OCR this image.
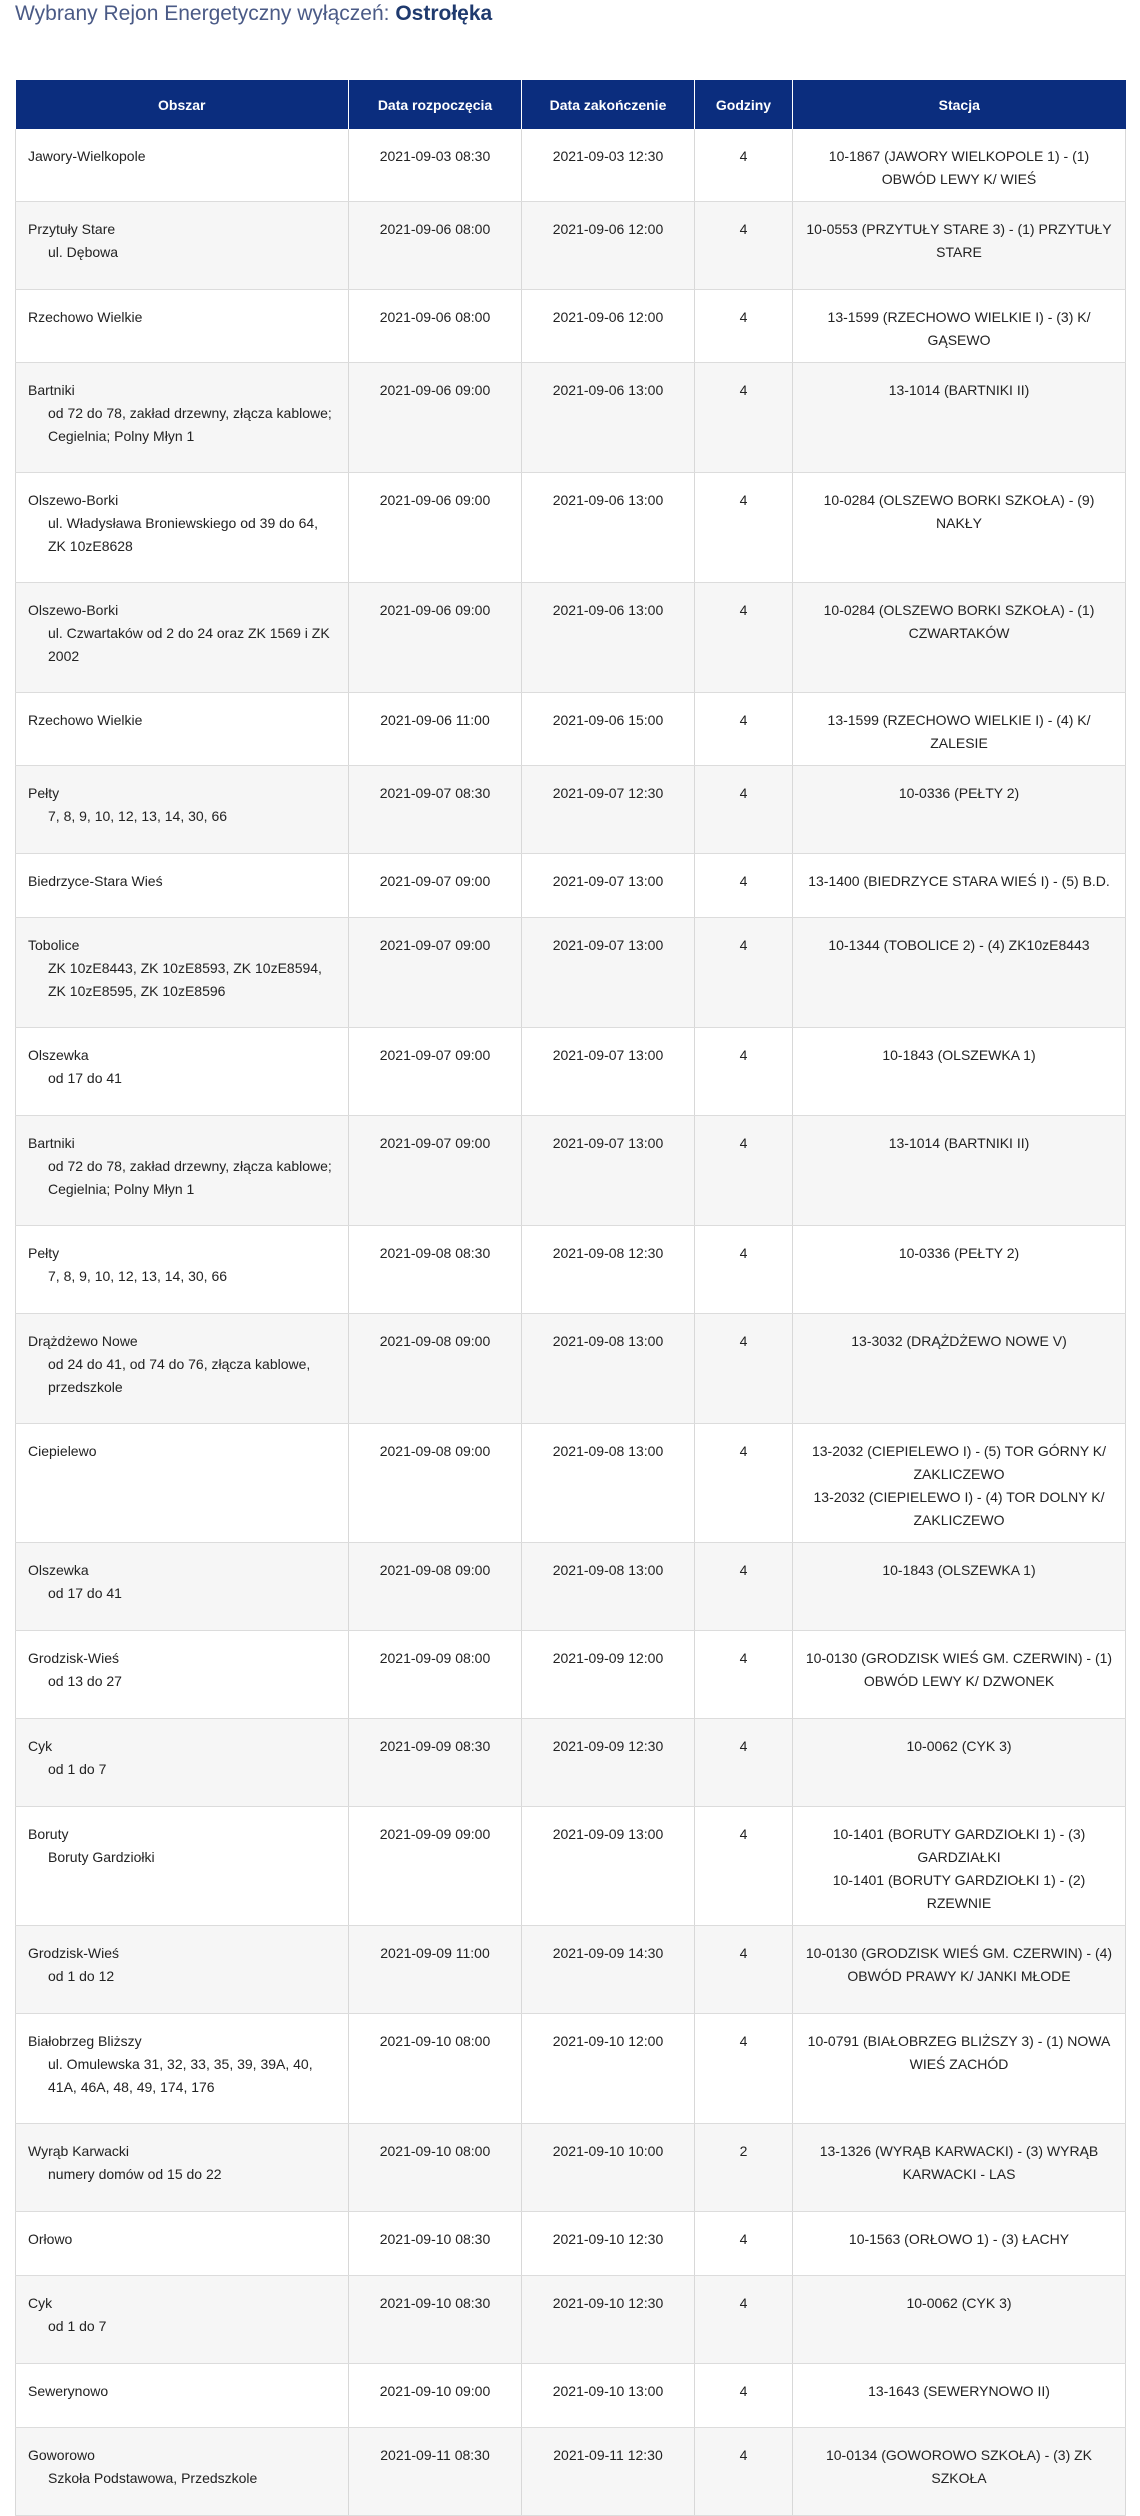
Wybrany Rejon Energetyczny wyłączeń: Ostrołęka
Obszar	Data rozpoczęcia	Data zakończenie	Godziny	Stacja

Jawory-Wielkopole	2021-09-03 08:30	2021-09-03 12:30	4	10-1867 (JAWORY WIELKOPOLE 1) - (1) OBWÓD LEWY K/ WIEŚ

Przytuły Stare
ul. Dębowa	2021-09-06 08:00	2021-09-06 12:00	4	10-0553 (PRZYTUŁY STARE 3) - (1) PRZYTUŁY STARE

Rzechowo Wielkie	2021-09-06 08:00	2021-09-06 12:00	4	13-1599 (RZECHOWO WIELKIE I) - (3) K/ GĄSEWO

Bartniki
od 72 do 78, zakład drzewny, złącza kablowe; Cegielnia; Polny Młyn 1	2021-09-06 09:00	2021-09-06 13:00	4	13-1014 (BARTNIKI II)

Olszewo-Borki
ul. Władysława Broniewskiego od 39 do 64, ZK 10zE8628	2021-09-06 09:00	2021-09-06 13:00	4	10-0284 (OLSZEWO BORKI SZKOŁA) - (9) NAKŁY

Olszewo-Borki
ul. Czwartaków od 2 do 24 oraz ZK 1569 i ZK 2002	2021-09-06 09:00	2021-09-06 13:00	4	10-0284 (OLSZEWO BORKI SZKOŁA) - (1) CZWARTAKÓW

Rzechowo Wielkie	2021-09-06 11:00	2021-09-06 15:00	4	13-1599 (RZECHOWO WIELKIE I) - (4) K/ ZALESIE

Pełty
7, 8, 9, 10, 12, 13, 14, 30, 66	2021-09-07 08:30	2021-09-07 12:30	4	10-0336 (PEŁTY 2)

Biedrzyce-Stara Wieś	2021-09-07 09:00	2021-09-07 13:00	4	13-1400 (BIEDRZYCE STARA WIEŚ I) - (5) B.D.

Tobolice
ZK 10zE8443, ZK 10zE8593, ZK 10zE8594, ZK 10zE8595, ZK 10zE8596	2021-09-07 09:00	2021-09-07 13:00	4	10-1344 (TOBOLICE 2) - (4) ZK10zE8443

Olszewka
od 17 do 41	2021-09-07 09:00	2021-09-07 13:00	4	10-1843 (OLSZEWKA 1)

Bartniki
od 72 do 78, zakład drzewny, złącza kablowe; Cegielnia; Polny Młyn 1	2021-09-07 09:00	2021-09-07 13:00	4	13-1014 (BARTNIKI II)

Pełty
7, 8, 9, 10, 12, 13, 14, 30, 66	2021-09-08 08:30	2021-09-08 12:30	4	10-0336 (PEŁTY 2)

Drążdżewo Nowe
od 24 do 41, od 74 do 76, złącza kablowe, przedszkole	2021-09-08 09:00	2021-09-08 13:00	4	13-3032 (DRĄŻDŻEWO NOWE V)

Ciepielewo	2021-09-08 09:00	2021-09-08 13:00	4	13-2032 (CIEPIELEWO I) - (5) TOR GÓRNY K/ ZAKLICZEWO
13-2032 (CIEPIELEWO I) - (4) TOR DOLNY K/ ZAKLICZEWO

Olszewka
od 17 do 41	2021-09-08 09:00	2021-09-08 13:00	4	10-1843 (OLSZEWKA 1)

Grodzisk-Wieś
od 13 do 27	2021-09-09 08:00	2021-09-09 12:00	4	10-0130 (GRODZISK WIEŚ GM. CZERWIN) - (1) OBWÓD LEWY K/ DZWONEK

Cyk
od 1 do 7	2021-09-09 08:30	2021-09-09 12:30	4	10-0062 (CYK 3)

Boruty
Boruty Gardziołki	2021-09-09 09:00	2021-09-09 13:00	4	10-1401 (BORUTY GARDZIOŁKI 1) - (3) GARDZIAŁKI
10-1401 (BORUTY GARDZIOŁKI 1) - (2) RZEWNIE

Grodzisk-Wieś
od 1 do 12	2021-09-09 11:00	2021-09-09 14:30	4	10-0130 (GRODZISK WIEŚ GM. CZERWIN) - (4) OBWÓD PRAWY K/ JANKI MŁODE

Białobrzeg Bliższy
ul. Omulewska 31, 32, 33, 35, 39, 39A, 40, 41A, 46A, 48, 49, 174, 176	2021-09-10 08:00	2021-09-10 12:00	4	10-0791 (BIAŁOBRZEG BLIŻSZY 3) - (1) NOWA WIEŚ ZACHÓD

Wyrąb Karwacki
numery domów od 15 do 22	2021-09-10 08:00	2021-09-10 10:00	2	13-1326 (WYRĄB KARWACKI) - (3) WYRĄB KARWACKI - LAS

Orłowo	2021-09-10 08:30	2021-09-10 12:30	4	10-1563 (ORŁOWO 1) - (3) ŁACHY

Cyk
od 1 do 7	2021-09-10 08:30	2021-09-10 12:30	4	10-0062 (CYK 3)

Sewerynowo	2021-09-10 09:00	2021-09-10 13:00	4	13-1643 (SEWERYNOWO II)

Goworowo
Szkoła Podstawowa, Przedszkole	2021-09-11 08:30	2021-09-11 12:30	4	10-0134 (GOWOROWO SZKOŁA) - (3) ZK SZKOŁA
